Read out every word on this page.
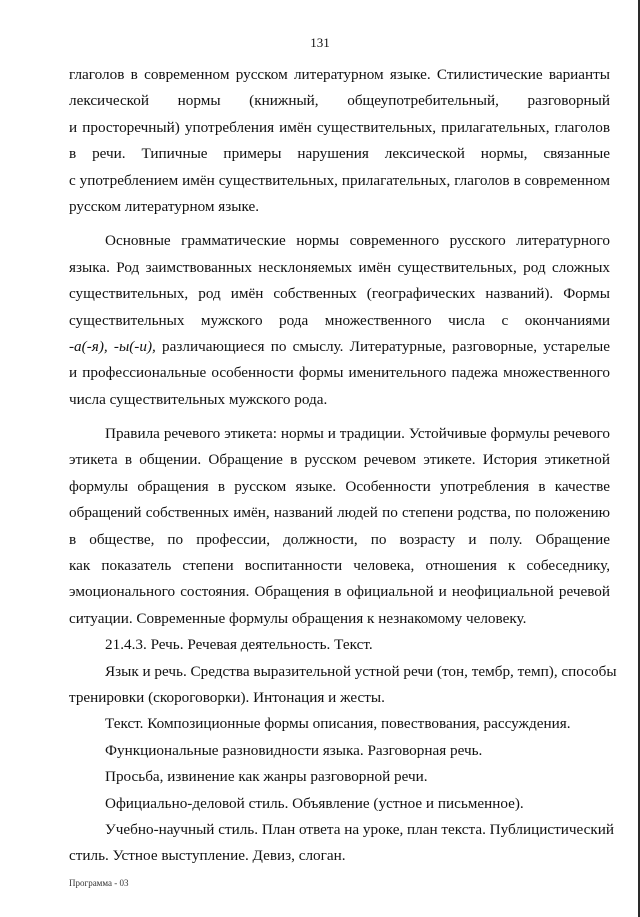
131
глаголов в современном русском литературном языке. Стилистические варианты
лексической нормы (книжный, общеупотребительный, разговорный
и просторечный) употребления имён существительных, прилагательных, глаголов
в речи. Типичные примеры нарушения лексической нормы, связанные
с употреблением имён существительных, прилагательных, глаголов в современном
русском литературном языке.
Основные грамматические нормы современного русского литературного
языка. Род заимствованных несклоняемых имён существительных, род сложных
существительных, род имён собственных (географических названий). Формы
существительных мужского рода множественного числа с окончаниями
-а(-я), -ы(-и), различающиеся по смыслу. Литературные, разговорные, устарелые
и профессиональные особенности формы именительного падежа множественного
числа существительных мужского рода.
Правила речевого этикета: нормы и традиции. Устойчивые формулы речевого
этикета в общении. Обращение в русском речевом этикете. История этикетной
формулы обращения в русском языке. Особенности употребления в качестве
обращений собственных имён, названий людей по степени родства, по положению
в обществе, по профессии, должности, по возрасту и полу. Обращение
как показатель степени воспитанности человека, отношения к собеседнику,
эмоционального состояния. Обращения в официальной и неофициальной речевой
ситуации. Современные формулы обращения к незнакомому человеку.
21.4.3. Речь. Речевая деятельность. Текст.
Язык и речь. Средства выразительной устной речи (тон, тембр, темп), способы
тренировки (скороговорки). Интонация и жесты.
Текст. Композиционные формы описания, повествования, рассуждения.
Функциональные разновидности языка. Разговорная речь.
Просьба, извинение как жанры разговорной речи.
Официально-деловой стиль. Объявление (устное и письменное).
Учебно-научный стиль. План ответа на уроке, план текста. Публицистический
стиль. Устное выступление. Девиз, слоган.
Программа - 03
